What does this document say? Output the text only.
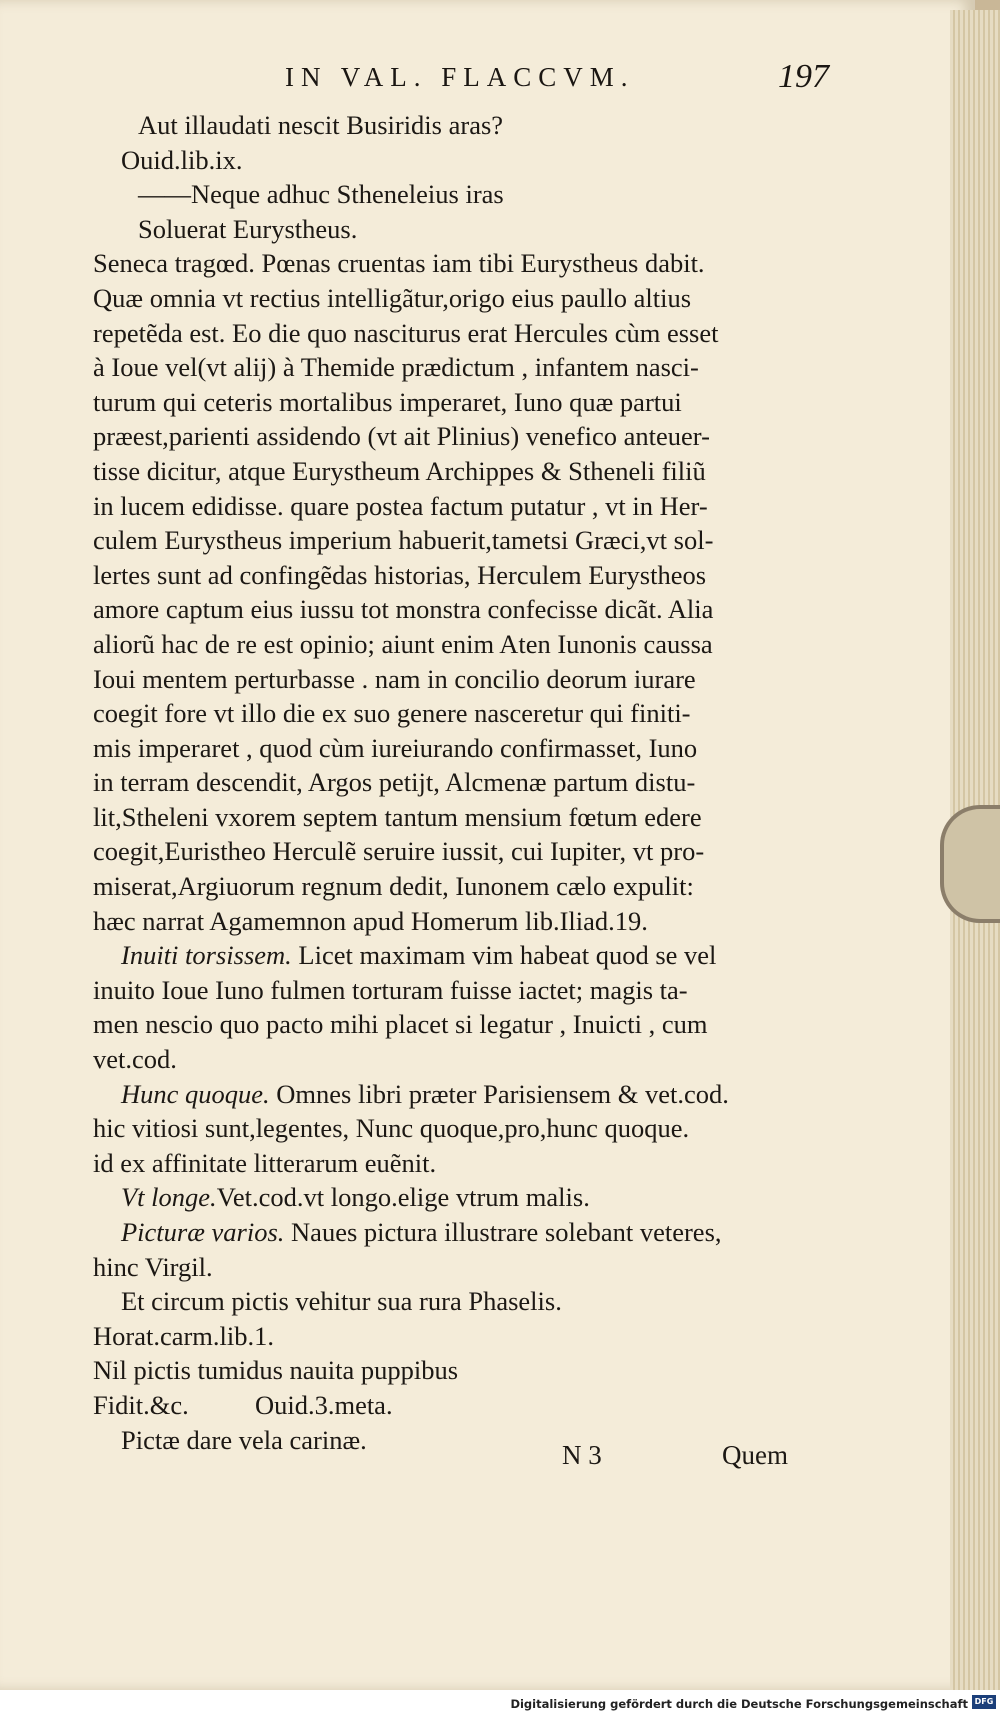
IN VAL. FLACCVM.	197
Aut illaudati nescit Busiridis aras?
Ouid.lib.ix.
——Neque adhuc Stheneleius iras
Soluerat Eurystheus.
Seneca tragœd. Pœnas cruentas iam tibi Eurystheus dabit.
Quæ omnia vt rectius intelligãtur,origo eius paullo altius
repetẽda est. Eo die quo nasciturus erat Hercules cùm esset
à Ioue vel(vt alij) à Themide prædictum , infantem nasci-
turum qui ceteris mortalibus imperaret, Iuno quæ partui
præest,parienti assidendo (vt ait Plinius) venefico anteuer-
tisse dicitur, atque Eurystheum Archippes & Stheneli filiũ
in lucem edidisse. quare postea factum putatur , vt in Her-
culem Eurystheus imperium habuerit,tametsi Græci,vt sol-
lertes sunt ad confingẽdas historias, Herculem Eurystheos
amore captum eius iussu tot monstra confecisse dicãt. Alia
aliorũ hac de re est opinio; aiunt enim Aten Iunonis caussa
Ioui mentem perturbasse . nam in concilio deorum iurare
coegit fore vt illo die ex suo genere nasceretur qui finiti-
mis imperaret , quod cùm iureiurando confirmasset, Iuno
in terram descendit, Argos petijt, Alcmenæ partum distu-
lit,Stheleni vxorem septem tantum mensium fœtum edere
coegit,Euristheo Herculẽ seruire iussit, cui Iupiter, vt pro-
miserat,Argiuorum regnum dedit, Iunonem cælo expulit:
hæc narrat Agamemnon apud Homerum lib.Iliad.19.
Inuiti torsissem. Licet maximam vim habeat quod se vel
inuito Ioue Iuno fulmen torturam fuisse iactet; magis ta-
men nescio quo pacto mihi placet si legatur , Inuicti , cum
vet.cod.
Hunc quoque. Omnes libri præter Parisiensem & vet.cod.
hic vitiosi sunt,legentes, Nunc quoque,pro,hunc quoque.
id ex affinitate litterarum euẽnit.
Vt longe.Vet.cod.vt longo.elige vtrum malis.
Picturæ varios. Naues pictura illustrare solebant veteres,
hinc Virgil.
Et circum pictis vehitur sua rura Phaselis.
Horat.carm.lib.1.
Nil pictis tumidus nauita puppibus
Fidit.&c.          Ouid.3.meta.
Pictæ dare vela carinæ.
N 3	Quem
Digitalisierung gefördert durch die Deutsche Forschungsgemeinschaft DFG
